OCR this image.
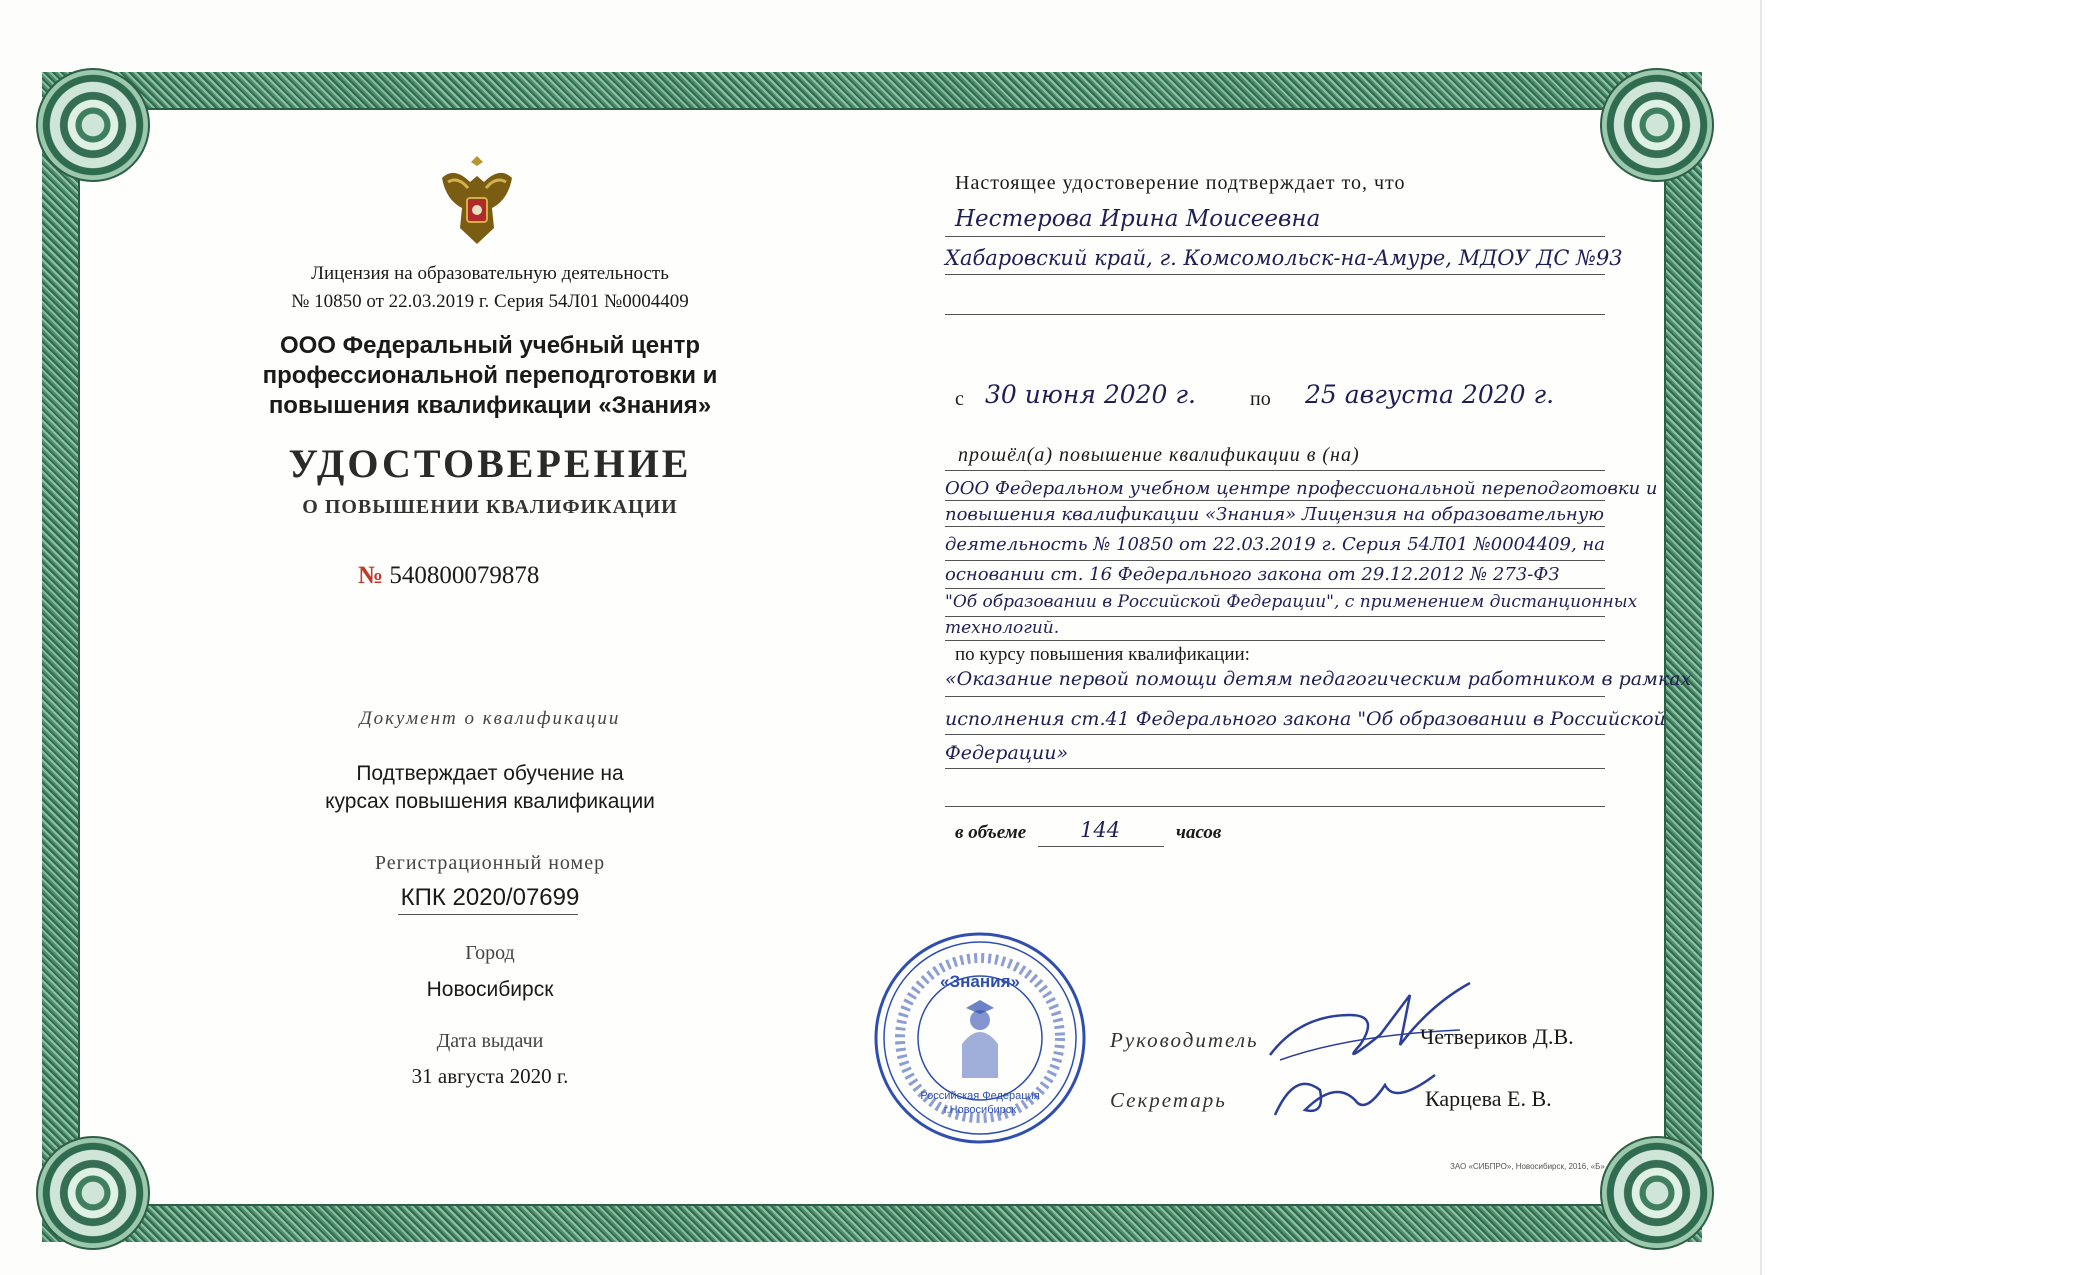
Лицензия на образовательную деятельность
№ 10850 от 22.03.2019 г. Серия 54Л01 №0004409
ООО Федеральный учебный центр
профессиональной переподготовки и
повышения квалификации «Знания»
УДОСТОВЕРЕНИЕ
О ПОВЫШЕНИИ КВАЛИФИКАЦИИ
№ 540800079878
Документ о квалификации
Подтверждает обучение на
курсах повышения квалификации
Регистрационный номер
КПК 2020/07699
Город
Новосибирск
Дата выдачи
31 августа 2020 г.
Настоящее удостоверение подтверждает то, что
Нестерова Ирина Моисеевна
Хабаровский край, г. Комсомольск-на-Амуре, МДОУ ДС №93
с 30 июня 2020 г.	по 25 августа 2020 г.
прошёл(а) повышение квалификации в (на)
ООО Федеральном учебном центре профессиональной переподготовки и
повышения квалификации «Знания» Лицензия на образовательную
деятельность № 10850 от 22.03.2019 г. Серия 54Л01 №0004409, на
основании ст. 16 Федерального закона от 29.12.2012 № 273-ФЗ
"Об образовании в Российской Федерации", с применением дистанционных
технологий.
по курсу повышения квалификации:
«Оказание первой помощи детям педагогическим работником в рамках
исполнения ст.41 Федерального закона "Об образовании в Российской
Федерации»
в объеме	144	часов
«Знания»
Российская Федерация
г.Новосибирск
Руководитель	Четвериков Д.В.
Секретарь	Карцева Е. В.
ЗАО «СИБПРО», Новосибирск, 2016, «Б»
